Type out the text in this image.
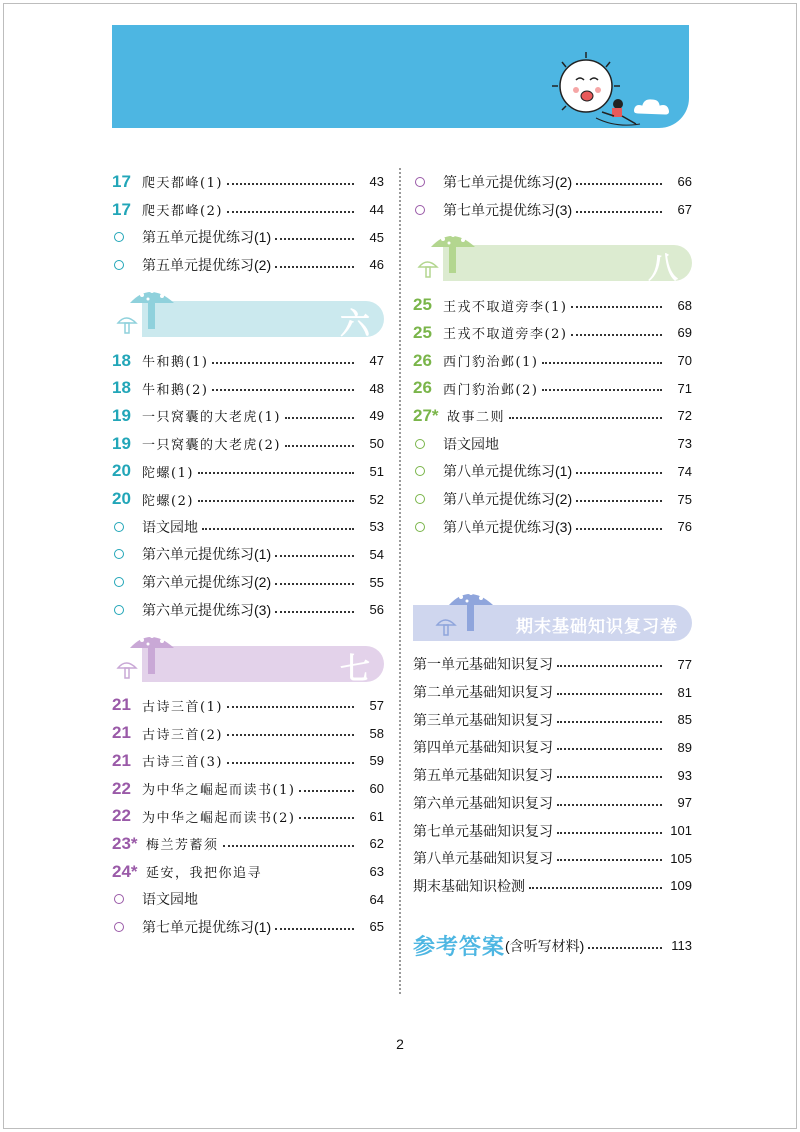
17 爬天都峰(1)	43
17 爬天都峰(2)	44
第五单元提优练习(1)	45
第五单元提优练习(2)	46
六
18 牛和鹅(1)	47
18 牛和鹅(2)	48
19 一只窝囊的大老虎(1)	49
19 一只窝囊的大老虎(2)	50
20 陀螺(1)	51
20 陀螺(2)	52
语文园地	53
第六单元提优练习(1)	54
第六单元提优练习(2)	55
第六单元提优练习(3)	56
七
21 古诗三首(1)	57
21 古诗三首(2)	58
21 古诗三首(3)	59
22 为中华之崛起而读书(1)	60
22 为中华之崛起而读书(2)	61
23* 梅兰芳蓄须	62
24* 延安，我把你追寻	63
语文园地	64
第七单元提优练习(1)	65
第七单元提优练习(2)	66
第七单元提优练习(3)	67
八
25 王戎不取道旁李(1)	68
25 王戎不取道旁李(2)	69
26 西门豹治邺(1)	70
26 西门豹治邺(2)	71
27* 故事二则	72
语文园地	73
第八单元提优练习(1)	74
第八单元提优练习(2)	75
第八单元提优练习(3)	76
期末基础知识复习卷
第一单元基础知识复习	77
第二单元基础知识复习	81
第三单元基础知识复习	85
第四单元基础知识复习	89
第五单元基础知识复习	93
第六单元基础知识复习	97
第七单元基础知识复习	101
第八单元基础知识复习	105
期末基础知识检测	109
参考答案 (含听写材料)	113
2
